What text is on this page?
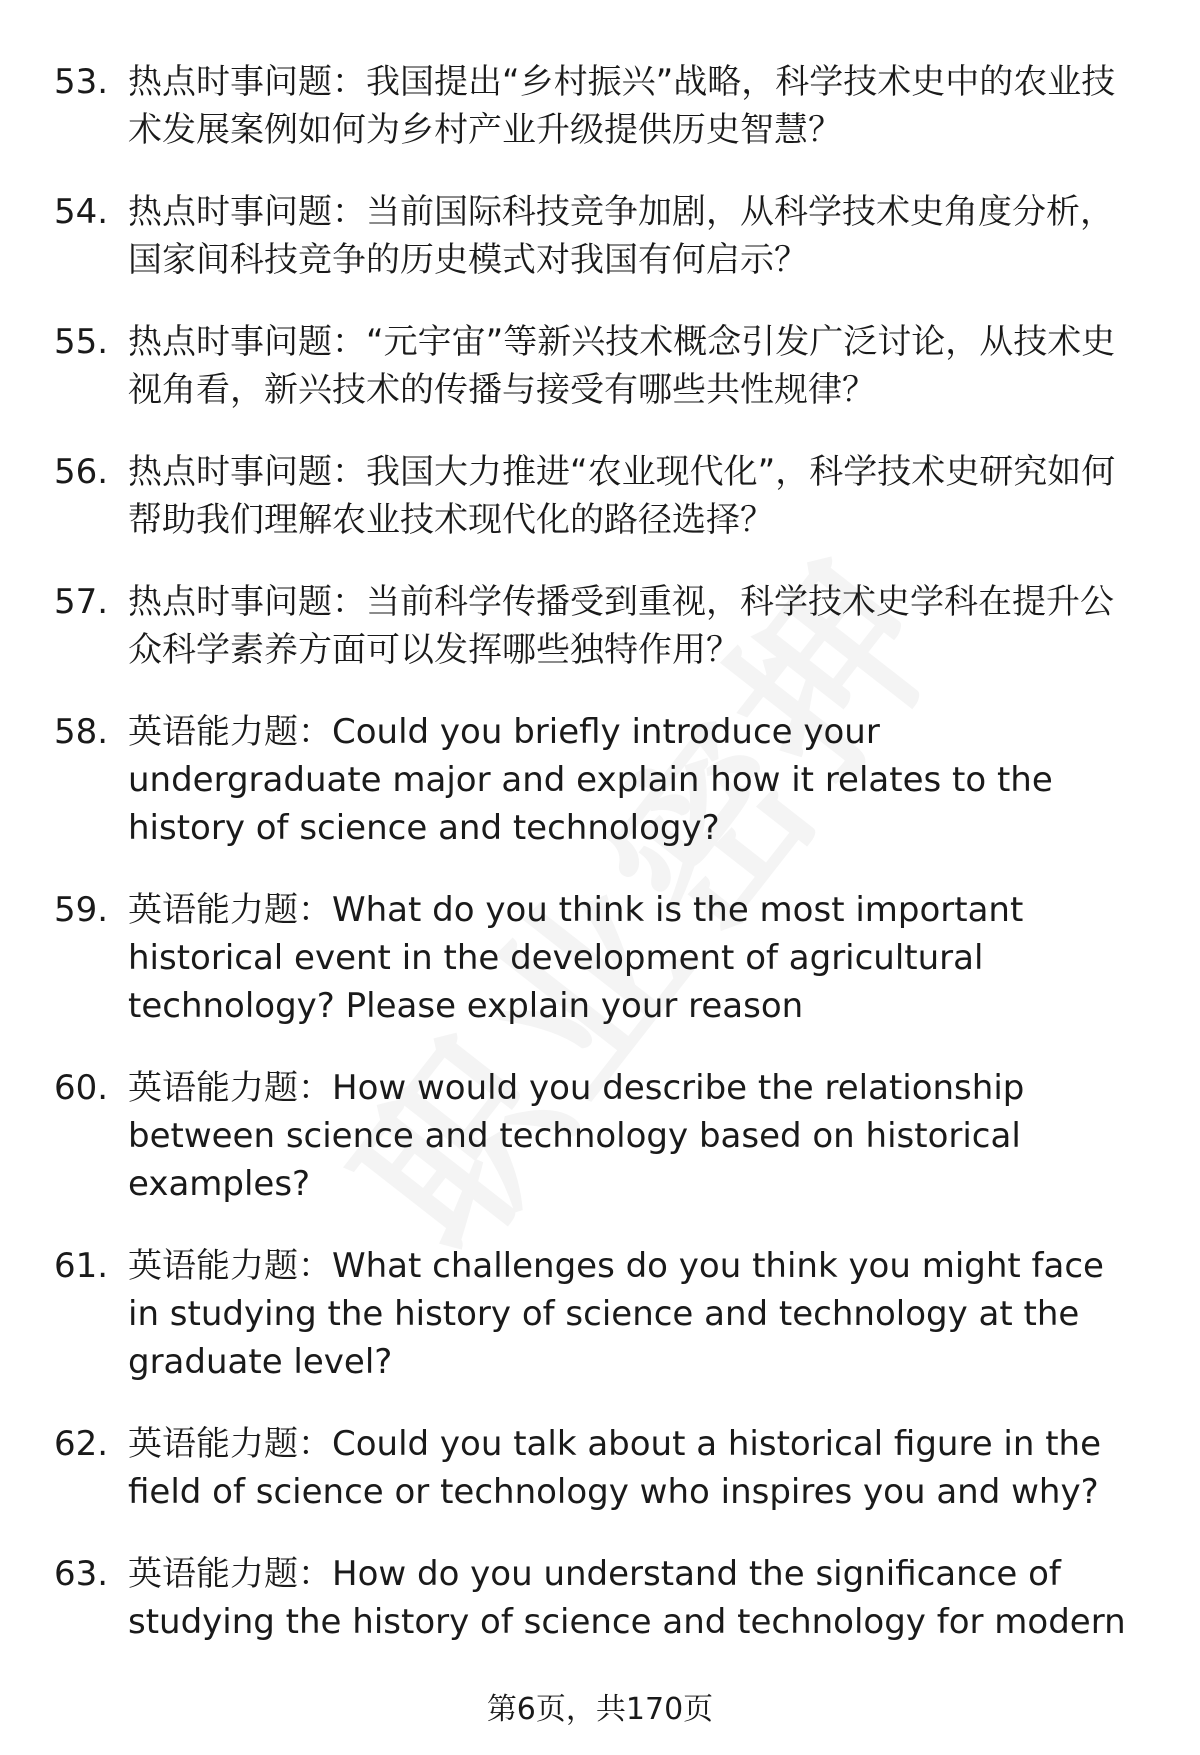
53. 热点时事问题：我国提出“乡村振兴”战略，科学技术史中的农业技术发展案例如何为乡村产业升级提供历史智慧？
54. 热点时事问题：当前国际科技竞争加剧，从科学技术史角度分析，国家间科技竞争的历史模式对我国有何启示？
55. 热点时事问题：“元宇宙”等新兴技术概念引发广泛讨论，从技术史视角看，新兴技术的传播与接受有哪些共性规律？
56. 热点时事问题：我国大力推进“农业现代化”，科学技术史研究如何帮助我们理解农业技术现代化的路径选择？
57. 热点时事问题：当前科学传播受到重视，科学技术史学科在提升公众科学素养方面可以发挥哪些独特作用？
58. 英语能力题：Could you briefly introduce your undergraduate major and explain how it relates to the history of science and technology?
59. 英语能力题：What do you think is the most important historical event in the development of agricultural technology? Please explain your reason
60. 英语能力题：How would you describe the relationship between science and technology based on historical examples?
61. 英语能力题：What challenges do you think you might face in studying the history of science and technology at the graduate level?
62. 英语能力题：Could you talk about a historical figure in the field of science or technology who inspires you and why?
63. 英语能力题：How do you understand the significance of studying the history of science and technology for modern
第6页，共170页
